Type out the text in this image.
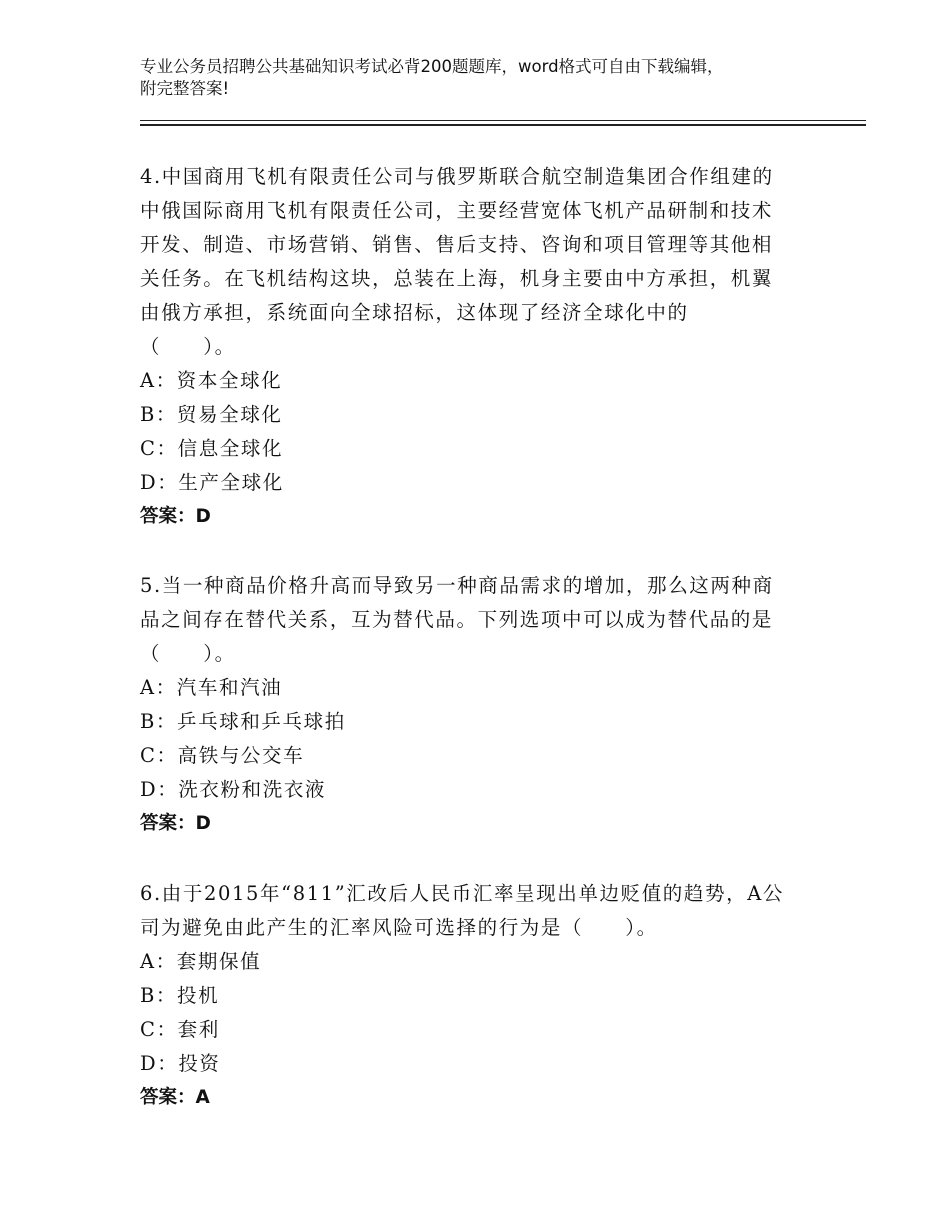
专业公务员招聘公共基础知识考试必背200题题库，word格式可自由下载编辑，
附完整答案!
4.中国商用飞机有限责任公司与俄罗斯联合航空制造集团合作组建的
中俄国际商用飞机有限责任公司，主要经营宽体飞机产品研制和技术
开发、制造、市场营销、销售、售后支持、咨询和项目管理等其他相
关任务。在飞机结构这块，总装在上海，机身主要由中方承担，机翼
由俄方承担，系统面向全球招标，这体现了经济全球化中的
（　　）。
A：资本全球化
B：贸易全球化
C：信息全球化
D：生产全球化
答案：D
5.当一种商品价格升高而导致另一种商品需求的增加，那么这两种商
品之间存在替代关系，互为替代品。下列选项中可以成为替代品的是
（　　）。
A：汽车和汽油
B：乒乓球和乒乓球拍
C：高铁与公交车
D：洗衣粉和洗衣液
答案：D
6.由于2015年“811”汇改后人民币汇率呈现出单边贬值的趋势，A公
司为避免由此产生的汇率风险可选择的行为是（　　）。
A：套期保值
B：投机
C：套利
D：投资
答案：A
